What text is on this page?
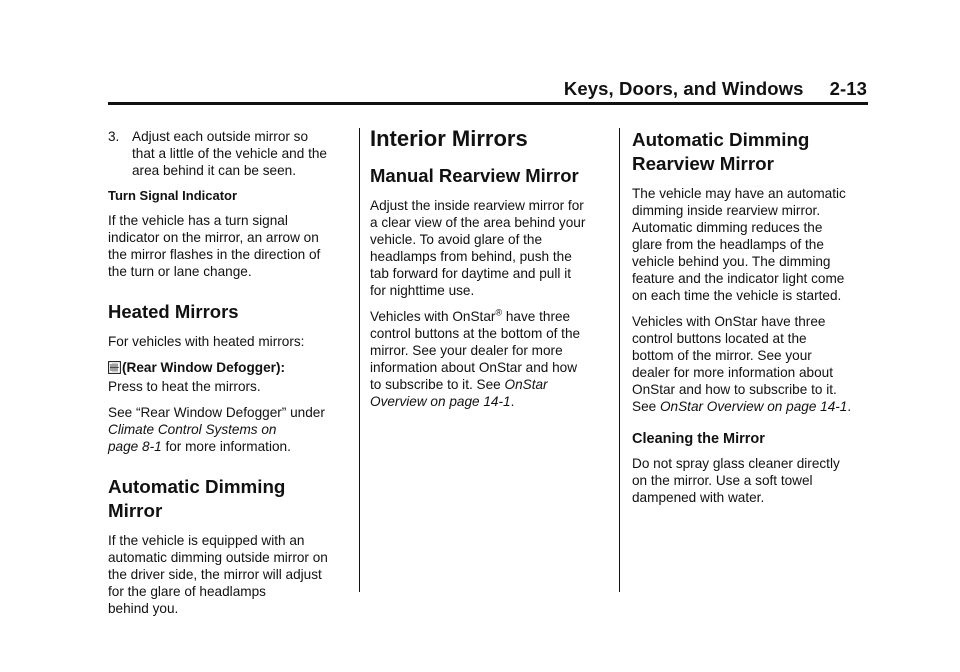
Keys, Doors, and Windows 2-13
3. Adjust each outside mirror so
that a little of the vehicle and the
area behind it can be seen.
Turn Signal Indicator

If the vehicle has a turn signal
indicator on the mirror, an arrow on
the mirror flashes in the direction of
the turn or lane change.

Heated Mirrors

For vehicles with heated mirrors:

(Rear Window Defogger):
Press to heat the mirrors.

See “Rear Window Defogger” under
Climate Control Systems on
page 8-1 for more information.

Automatic Dimming
Mirror

If the vehicle is equipped with an
automatic dimming outside mirror on
the driver side, the mirror will adjust
for the glare of headlamps
behind you.

Interior Mirrors
Manual Rearview Mirror

Adjust the inside rearview mirror for
a clear view of the area behind your
vehicle. To avoid glare of the
headlamps from behind, push the
tab forward for daytime and pull it
for nighttime use.

Vehicles with OnStar® have three
control buttons at the bottom of the
mirror. See your dealer for more
information about OnStar and how
to subscribe to it. See OnStar
Overview on page 14-1.

Automatic Dimming
Rearview Mirror

The vehicle may have an automatic
dimming inside rearview mirror.
Automatic dimming reduces the
glare from the headlamps of the
vehicle behind you. The dimming
feature and the indicator light come
on each time the vehicle is started.

Vehicles with OnStar have three
control buttons located at the
bottom of the mirror. See your
dealer for more information about
OnStar and how to subscribe to it.
See OnStar Overview on page 14-1.

Cleaning the Mirror

Do not spray glass cleaner directly
on the mirror. Use a soft towel
dampened with water.
